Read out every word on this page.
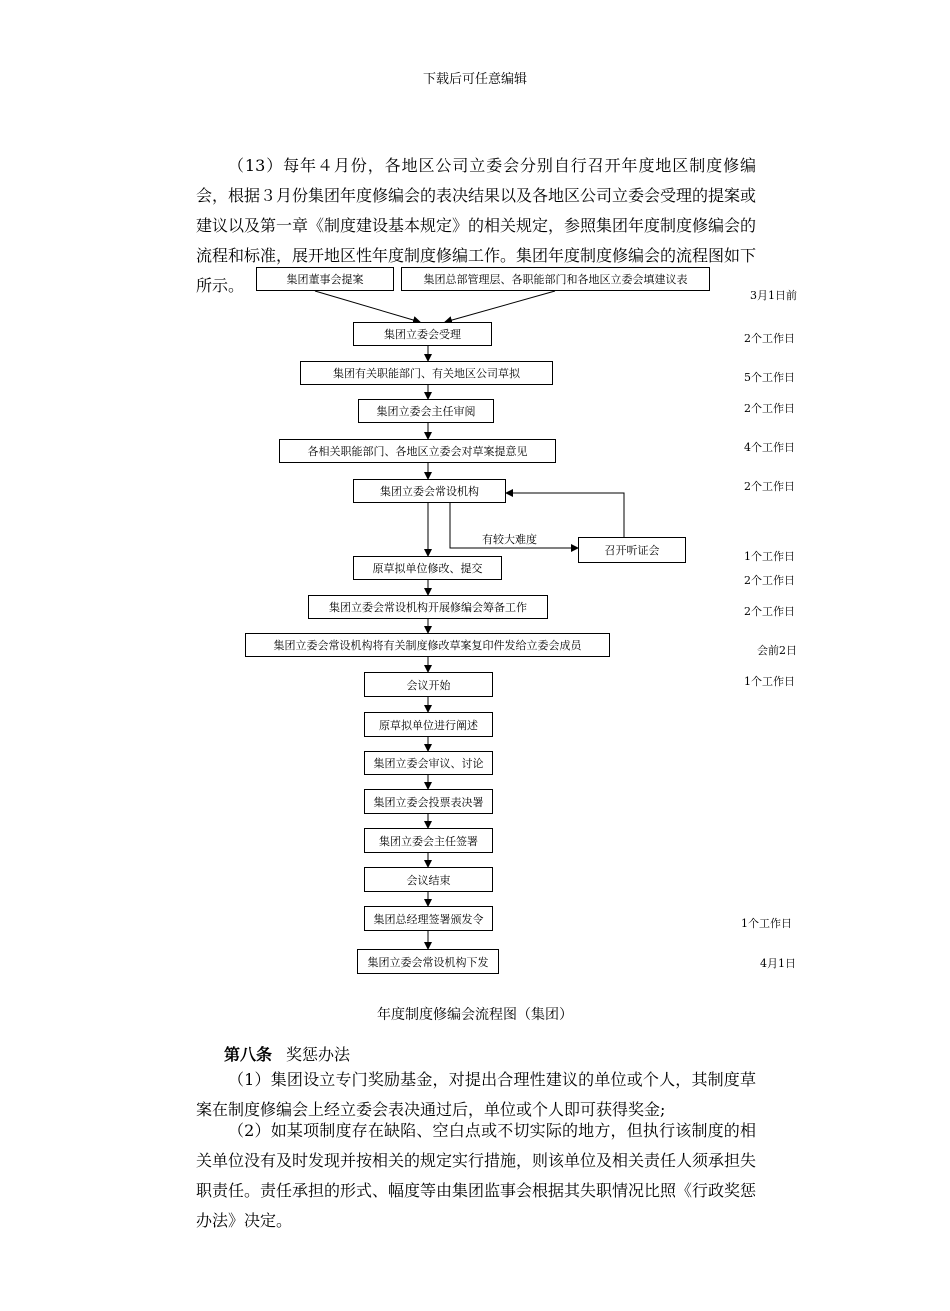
下载后可任意编辑

（13）每年４月份，各地区公司立委会分别自行召开年度地区制度修编会，根据３月份集团年度修编会的表决结果以及各地区公司立委会受理的提案或建议以及第一章《制度建设基本规定》的相关规定，参照集团年度制度修编会的流程和标准，展开地区性年度制度修编工作。集团年度制度修编会的流程图如下所示。	集团董事会提案	集团总部管理层、各职能部门和各地区立委会填建议表
集团立委会受理
集团有关职能部门、有关地区公司草拟
集团立委会主任审阅
各相关职能部门、各地区立委会对草案提意见
集团立委会常设机构
召开听证会
有较大难度
原草拟单位修改、提交
集团立委会常设机构开展修编会筹备工作
集团立委会常设机构将有关制度修改草案复印件发给立委会成员
会议开始
原草拟单位进行阐述
集团立委会审议、讨论
集团立委会投票表决署
集团立委会主任签署
会议结束
集团总经理签署颁发令
集团立委会常设机构下发
3月1日前
2个工作日
5个工作日
2个工作日
4个工作日
2个工作日
1个工作日
2个工作日
2个工作日
会前2日
1个工作日
1个工作日
4月1日
年度制度修编会流程图（集团）
第八条 奖惩办法

（1）集团设立专门奖励基金，对提出合理性建议的单位或个人，其制度草案在制度修编会上经立委会表决通过后，单位或个人即可获得奖金;

（2）如某项制度存在缺陷、空白点或不切实际的地方，但执行该制度的相关单位没有及时发现并按相关的规定实行措施，则该单位及相关责任人须承担失职责任。责任承担的形式、幅度等由集团监事会根据其失职情况比照《行政奖惩办法》决定。
